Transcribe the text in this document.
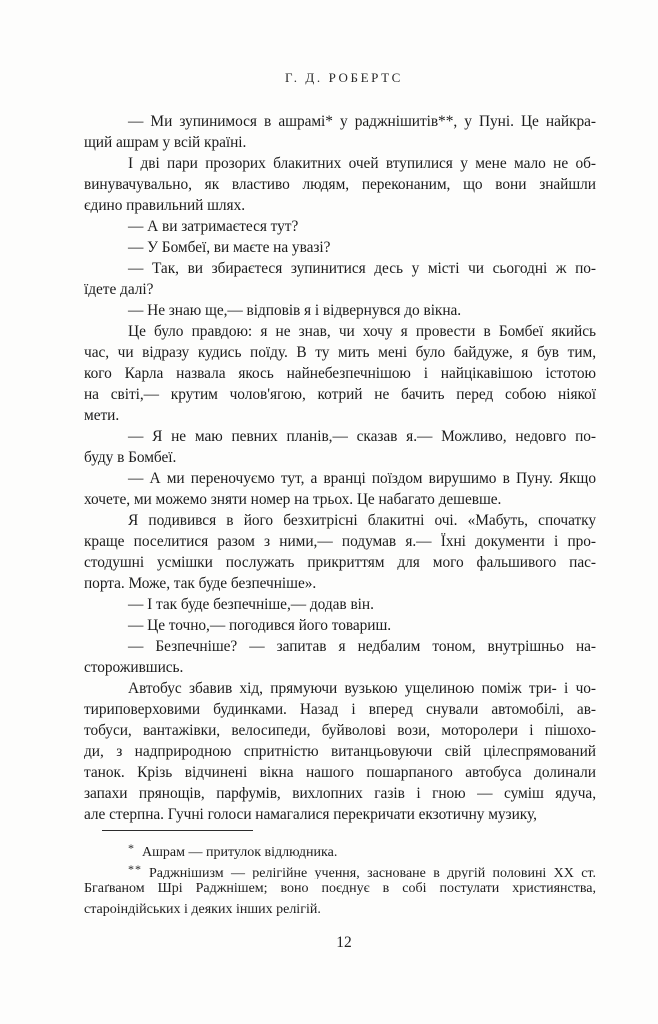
Г. Д. РОБЕРТС
— Ми зупинимося в ашрамі* у раджнішитів**, у Пуні. Це найкра-
щий ашрам у всій країні.
І дві пари прозорих блакитних очей втупилися у мене мало не об-
винувачувально, як властиво людям, переконаним, що вони знайшли
єдино правильний шлях.
— А ви затримаєтеся тут?
— У Бомбеї, ви маєте на увазі?
— Так, ви збираєтеся зупинитися десь у місті чи сьогодні ж по-
їдете далі?
— Не знаю ще,— відповів я і відвернувся до вікна.
Це було правдою: я не знав, чи хочу я провести в Бомбеї якийсь
час, чи відразу кудись поїду. В ту мить мені було байдуже, я був тим,
кого Карла назвала якось найнебезпечнішою і найцікавішою істотою
на світі,— крутим чолов'ягою, котрий не бачить перед собою ніякої
мети.
— Я не маю певних планів,— сказав я.— Можливо, недовго по-
буду в Бомбеї.
— А ми переночуємо тут, а вранці поїздом вирушимо в Пуну. Якщо
хочете, ми можемо зняти номер на трьох. Це набагато дешевше.
Я подивився в його безхитрісні блакитні очі. «Мабуть, спочатку
краще поселитися разом з ними,— подумав я.— Їхні документи і про-
стодушні усмішки послужать прикриттям для мого фальшивого пас-
порта. Може, так буде безпечніше».
— І так буде безпечніше,— додав він.
— Це точно,— погодився його товариш.
— Безпечніше? — запитав я недбалим тоном, внутрішньо на-
сторожившись.
Автобус збавив хід, прямуючи вузькою ущелиною поміж три- і чо-
тириповерховими будинками. Назад і вперед снували автомобілі, ав-
тобуси, вантажівки, велосипеди, буйволові вози, моторолери і пішохо-
ди, з надприродною спритністю витанцьовуючи свій цілеспрямований
танок. Крізь відчинені вікна нашого пошарпаного автобуса долинали
запахи прянощів, парфумів, вихлопних газів і гною — суміш ядуча,
але стерпна. Гучні голоси намагалися перекричати екзотичну музику,
* Ашрам — притулок відлюдника.
** Раджнішизм — релігійне учення, засноване в другій половині XX ст.
Бгаґваном Шрі Раджнішем; воно поєднує в собі постулати християнства,
староіндійських і деяких інших релігій.
12
